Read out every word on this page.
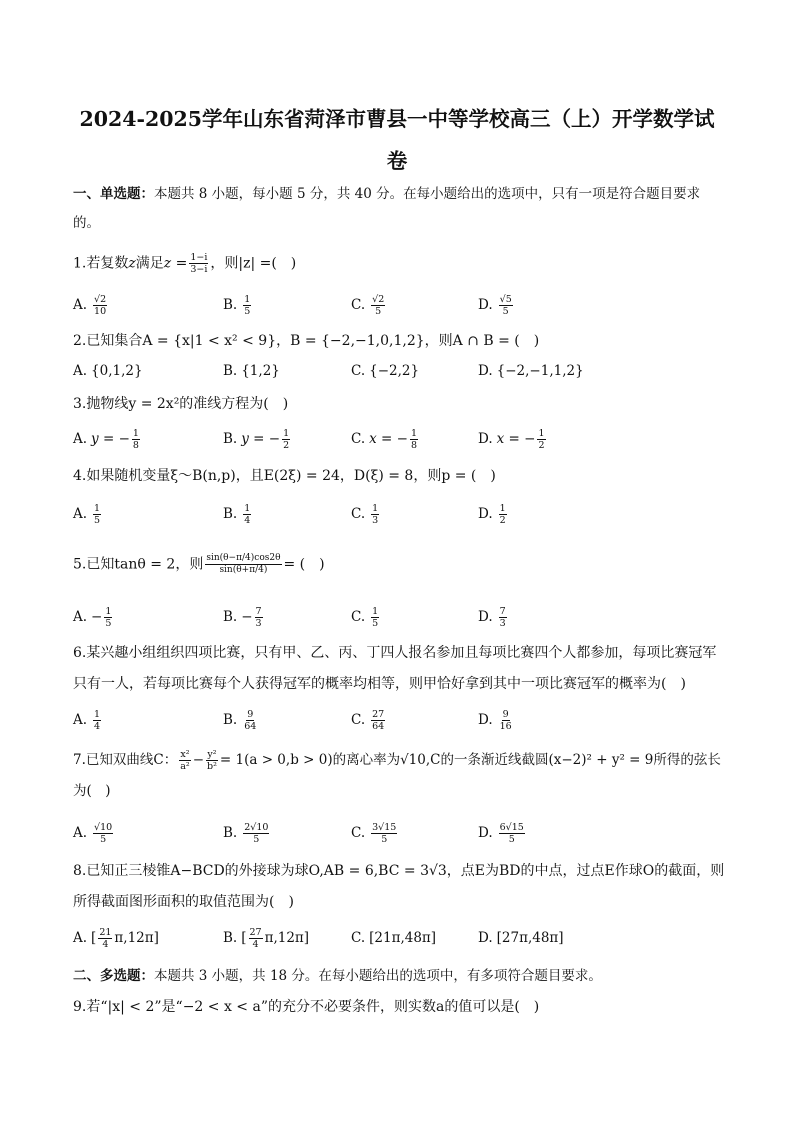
2024-2025学年山东省菏泽市曹县一中等学校高三（上）开学数学试
卷
一、单选题：本题共 8 小题，每小题 5 分，共 40 分。在每小题给出的选项中，只有一项是符合题目要求的。
1.若复数z满足$z = \frac{1-i}{3-i}$ ，则|z| =(　)
A. $\frac{√2}{10}$	B. $\frac{1}{5}$	C. $\frac{√2}{5}$	D. $\frac{√5}{5}$
2.已知集合A = {x|1 < x² < 9}，B = {−2,−1,0,1,2}，则A ∩ B = (　)
A. {0,1,2}	B. {1,2}	C. {−2,2}	D. {−2,−1,1,2}
3.抛物线y = 2x²的准线方程为(　)
A. y = − $\frac{1}{8}$	B. y = − $\frac{1}{2}$	C. x = − $\frac{1}{8}$	D. x = − $\frac{1}{2}$
4.如果随机变量ξ～B(n,p)，且E(2ξ) = 24，D(ξ) = 8，则p = (　)
A. $\frac{1}{5}$	B. $\frac{1}{4}$	C. $\frac{1}{3}$	D. $\frac{1}{2}$
5.已知tanθ = 2，则 $\frac{\sin(\theta-\pi/4)\cos 2\theta}{\sin(\theta+\pi/4)}$ = (　)
A. − $\frac{1}{5}$	B. − $\frac{7}{3}$	C. $\frac{1}{5}$	D. $\frac{7}{3}$
6.某兴趣小组组织四项比赛，只有甲、乙、丙、丁四人报名参加且每项比赛四个人都参加，每项比赛冠军只有一人，若每项比赛每个人获得冠军的概率均相等，则甲恰好拿到其中一项比赛冠军的概率为(　)
A. $\frac{1}{4}$	B. $\frac{9}{64}$	C. $\frac{27}{64}$	D. $\frac{9}{16}$
7.已知双曲线C： $\frac{\text{x²}}{\text{a²}} - \frac{\text{y²}}{\text{b²}} = 1(a > 0,b > 0)$的离心率为√10,C的一条渐近线截圆(x−2)² + y² = 9所得的弦长为(　)
A. $\frac{√10}{5}$	B. $\frac{2√10}{5}$	C. $\frac{3√15}{5}$	D. $\frac{6√15}{5}$
8.已知正三棱锥A−BCD的外接球为球O,AB = 6,BC = 3√3，点E为BD的中点，过点E作球O的截面，则所得截面图形面积的取值范围为(　)
A. [ $\frac{21}{4} \pi,12\pi$]	B. [ $\frac{27}{4} \pi,12\pi$]	C. [21π,48π]	D. [27π,48π]
二、多选题：本题共 3 小题，共 18 分。在每小题给出的选项中，有多项符合题目要求。
9.若“|x| < 2”是“−2 < x < a”的充分不必要条件，则实数a的值可以是(　)
